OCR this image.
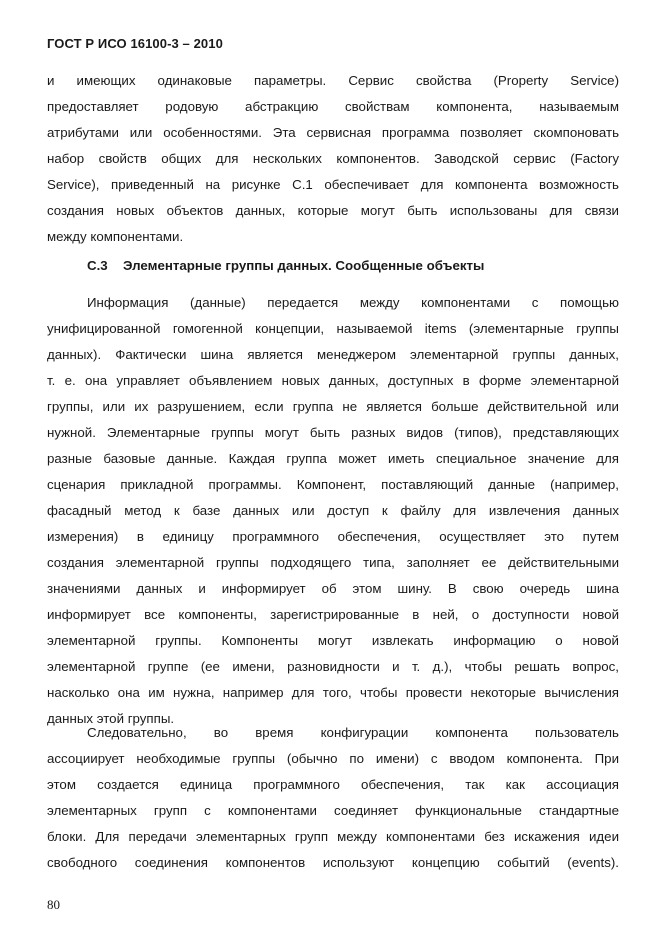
ГОСТ Р ИСО 16100-3 – 2010
и имеющих одинаковые параметры. Сервис свойства (Property Service)
предоставляет родовую абстракцию свойствам компонента, называемым
атрибутами или особенностями. Эта сервисная программа позволяет скомпоновать
набор свойств общих для нескольких компонентов. Заводской сервис (Factory
Service), приведенный на рисунке С.1 обеспечивает для компонента возможность
создания новых объектов данных, которые могут быть использованы для связи
между компонентами.
С.3 Элементарные группы данных. Сообщенные объекты
Информация (данные) передается между компонентами с помощью
унифицированной гомогенной концепции, называемой items (элементарные группы
данных). Фактически шина является менеджером элементарной группы данных,
т. е. она управляет объявлением новых данных, доступных в форме элементарной
группы, или их разрушением, если группа не является больше действительной или
нужной. Элементарные группы могут быть разных видов (типов), представляющих
разные базовые данные. Каждая группа может иметь специальное значение для
сценария прикладной программы. Компонент, поставляющий данные (например,
фасадный метод к базе данных или доступ к файлу для извлечения данных
измерения) в единицу программного обеспечения, осуществляет это путем
создания элементарной группы подходящего типа, заполняет ее действительными
значениями данных и информирует об этом шину. В свою очередь шина
информирует все компоненты, зарегистрированные в ней, о доступности новой
элементарной группы. Компоненты могут извлекать информацию о новой
элементарной группе (ее имени, разновидности и т. д.), чтобы решать вопрос,
насколько она им нужна, например для того, чтобы провести некоторые вычисления
данных этой группы.
Следовательно, во время конфигурации компонента пользователь
ассоциирует необходимые группы (обычно по имени) с вводом компонента. При
этом создается единица программного обеспечения, так как ассоциация
элементарных групп с компонентами соединяет функциональные стандартные
блоки. Для передачи элементарных групп между компонентами без искажения идеи
свободного соединения компонентов используют концепцию событий (events).
80
